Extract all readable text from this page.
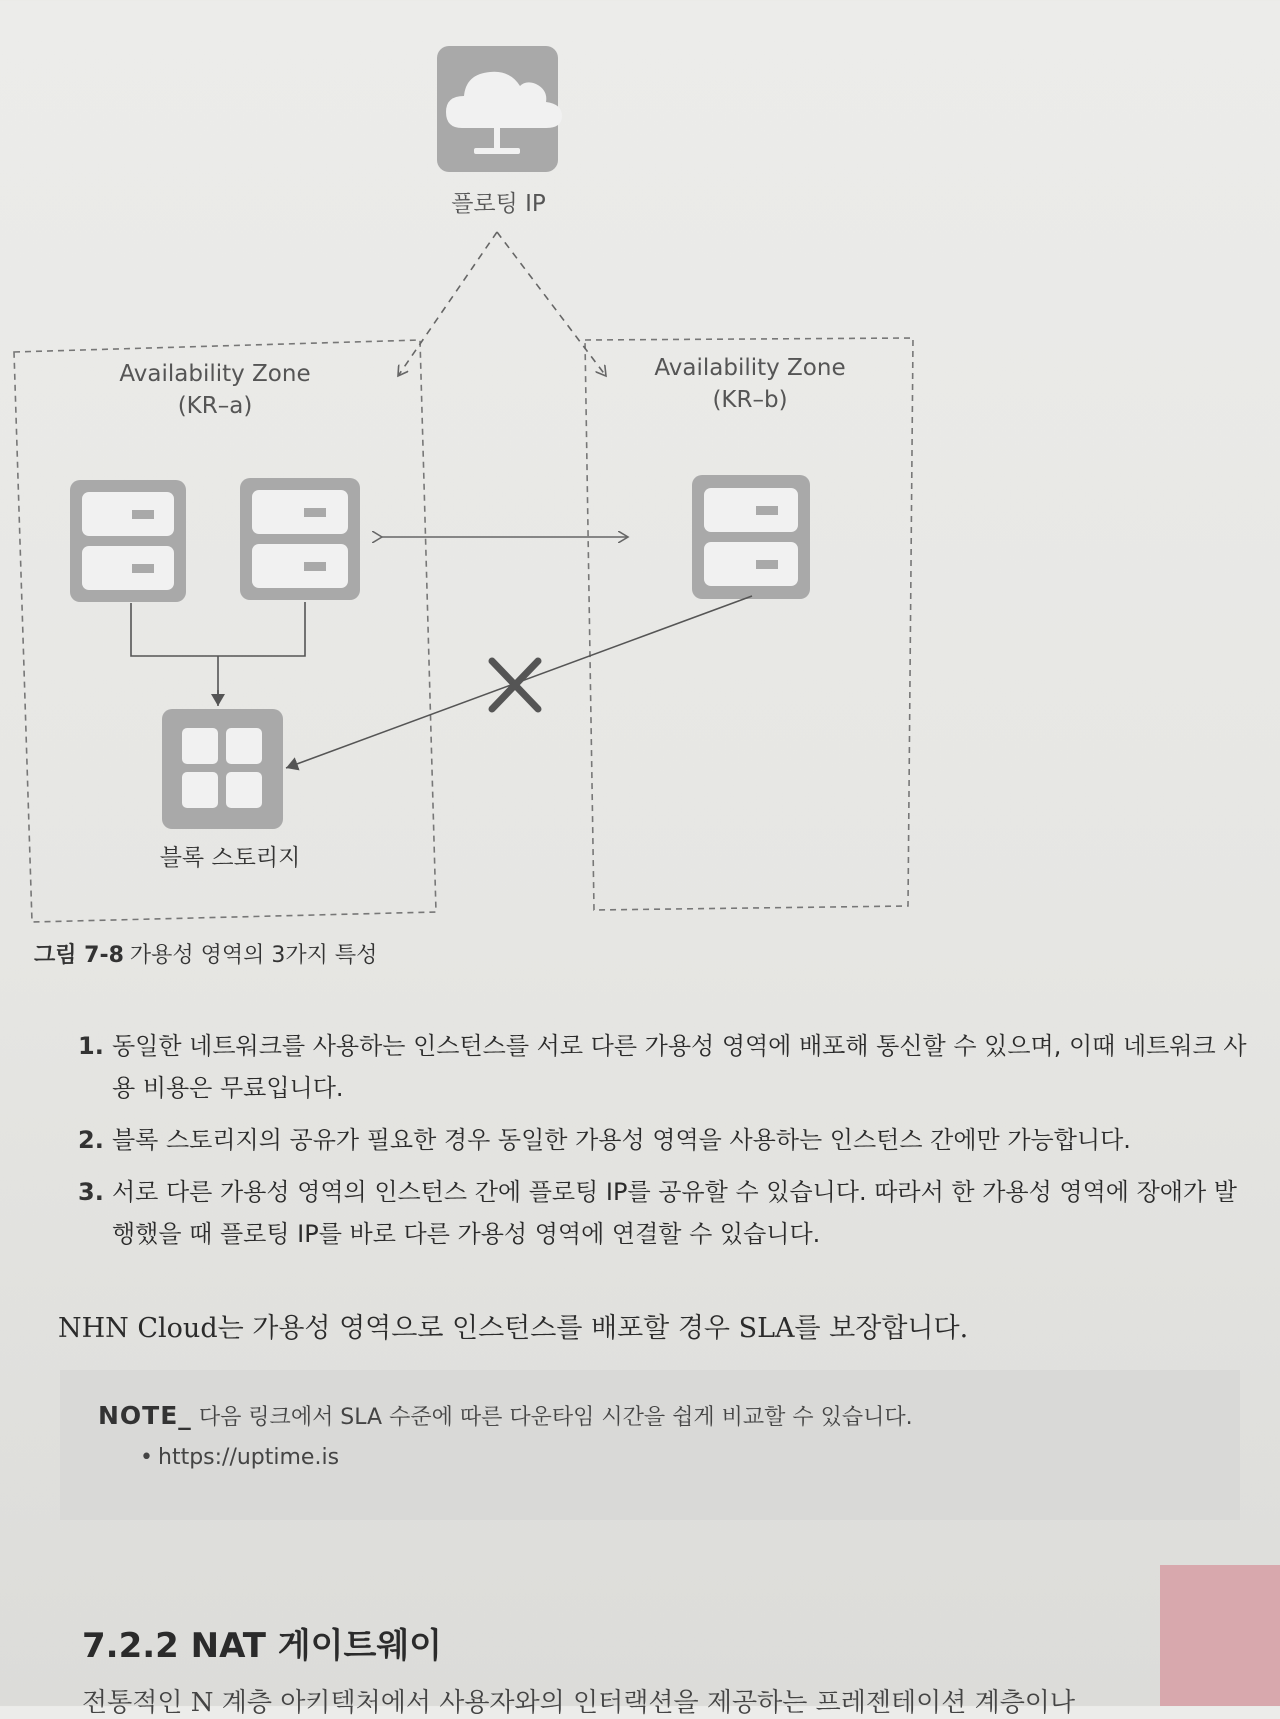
플로팅 IP
Availability Zone
(KR–a)
Availability Zone
(KR–b)
블록 스토리지
그림 7-8 가용성 영역의 3가지 특성
1. 동일한 네트워크를 사용하는 인스턴스를 서로 다른 가용성 영역에 배포해 통신할 수 있으며, 이때 네트워크 사용 비용은 무료입니다.
2. 블록 스토리지의 공유가 필요한 경우 동일한 가용성 영역을 사용하는 인스턴스 간에만 가능합니다.
3. 서로 다른 가용성 영역의 인스턴스 간에 플로팅 IP를 공유할 수 있습니다. 따라서 한 가용성 영역에 장애가 발행했을 때 플로팅 IP를 바로 다른 가용성 영역에 연결할 수 있습니다.
NHN Cloud는 가용성 영역으로 인스턴스를 배포할 경우 SLA를 보장합니다.
NOTE_ 다음 링크에서 SLA 수준에 따른 다운타임 시간을 쉽게 비교할 수 있습니다.
• https://uptime.is
7.2.2 NAT 게이트웨이
전통적인 N 계층 아키텍처에서 사용자와의 인터랙션을 제공하는 프레젠테이션 계층이나
